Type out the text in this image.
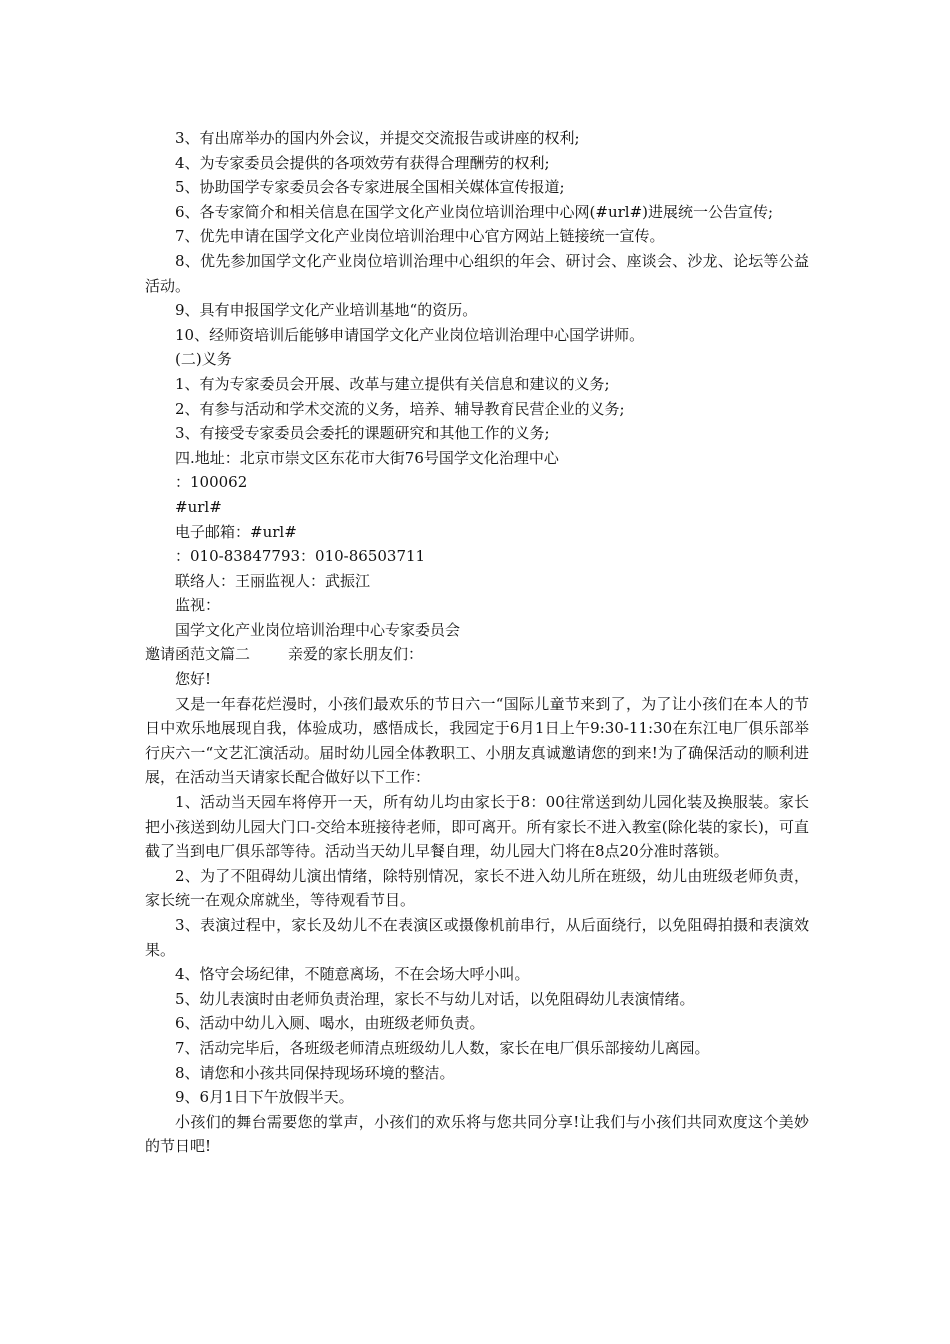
3、有出席举办的国内外会议，并提交交流报告或讲座的权利;

4、为专家委员会提供的各项效劳有获得合理酬劳的权利;

5、协助国学专家委员会各专家进展全国相关媒体宣传报道;

6、各专家简介和相关信息在国学文化产业岗位培训治理中心网(#url#)进展统一公告宣传;

7、优先申请在国学文化产业岗位培训治理中心官方网站上链接统一宣传。

8、优先参加国学文化产业岗位培训治理中心组织的年会、研讨会、座谈会、沙龙、论坛等公益活动。

9、具有申报国学文化产业培训基地“的资历。

10、经师资培训后能够申请国学文化产业岗位培训治理中心国学讲师。

(二)义务

1、有为专家委员会开展、改革与建立提供有关信息和建议的义务;

2、有参与活动和学术交流的义务，培养、辅导教育民营企业的义务;

3、有接受专家委员会委托的课题研究和其他工作的义务;

四.地址：北京市崇文区东花市大街76号国学文化治理中心

：100062

#url#

电子邮箱：#url#

：010-83847793：010-86503711

联络人：王丽监视人：武振江

监视：

国学文化产业岗位培训治理中心专家委员会

邀请函范文篇二	亲爱的家长朋友们：

您好!

又是一年春花烂漫时，小孩们最欢乐的节日六一“国际儿童节来到了，为了让小孩们在本人的节日中欢乐地展现自我，体验成功，感悟成长，我园定于6月1日上午9:30-11:30在东江电厂俱乐部举行庆六一“文艺汇演活动。届时幼儿园全体教职工、小朋友真诚邀请您的到来!为了确保活动的顺利进展，在活动当天请家长配合做好以下工作：

1、活动当天园车将停开一天，所有幼儿均由家长于8：00往常送到幼儿园化装及换服装。家长把小孩送到幼儿园大门口-交给本班接待老师，即可离开。所有家长不进入教室(除化装的家长)，可直截了当到电厂俱乐部等待。活动当天幼儿早餐自理，幼儿园大门将在8点20分准时落锁。

2、为了不阻碍幼儿演出情绪，除特别情况，家长不进入幼儿所在班级，幼儿由班级老师负责，家长统一在观众席就坐，等待观看节目。

3、表演过程中，家长及幼儿不在表演区或摄像机前串行，从后面绕行，以免阻碍拍摄和表演效果。

4、恪守会场纪律，不随意离场，不在会场大呼小叫。

5、幼儿表演时由老师负责治理，家长不与幼儿对话，以免阻碍幼儿表演情绪。

6、活动中幼儿入厕、喝水，由班级老师负责。

7、活动完毕后，各班级老师清点班级幼儿人数，家长在电厂俱乐部接幼儿离园。

8、请您和小孩共同保持现场环境的整洁。

9、6月1日下午放假半天。

小孩们的舞台需要您的掌声，小孩们的欢乐将与您共同分享!让我们与小孩们共同欢度这个美妙的节日吧!
